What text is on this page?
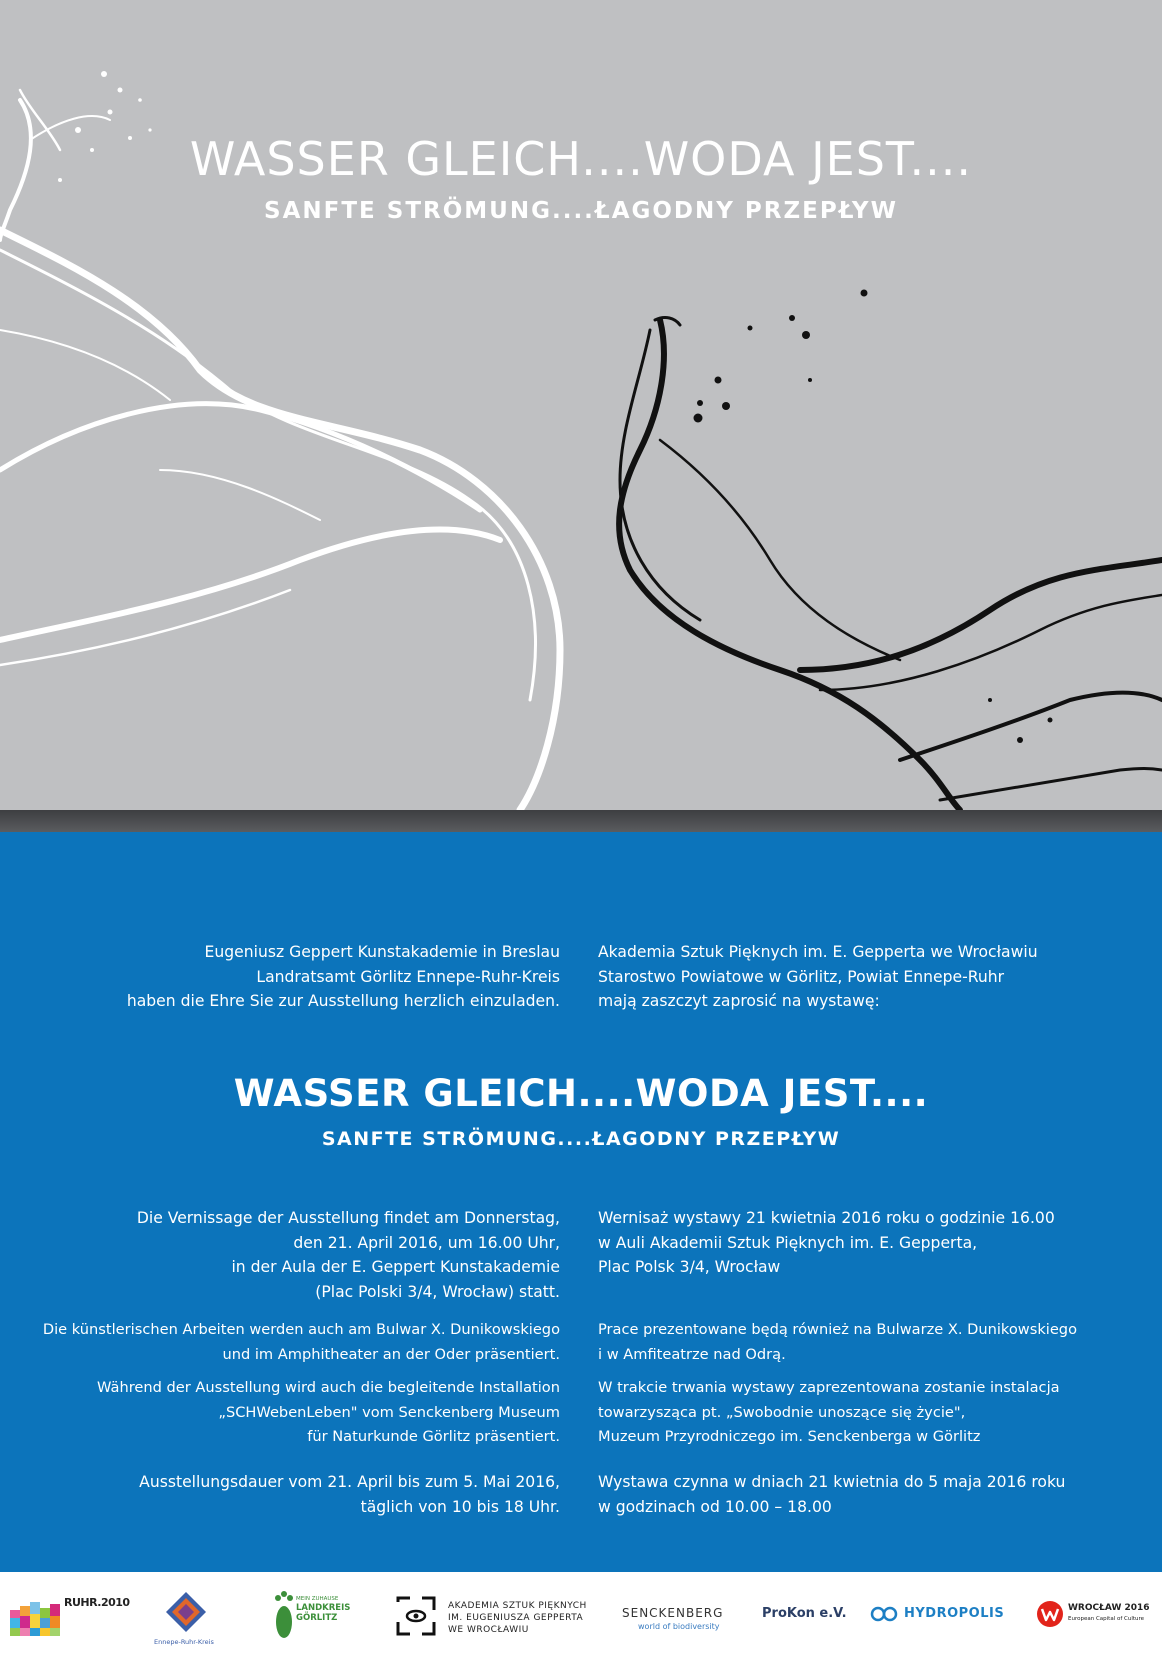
WASSER GLEICH....WODA JEST....
SANFTE STRÖMUNG....ŁAGODNY PRZEPŁYW
Eugeniusz Geppert Kunstakademie in Breslau
Landratsamt Görlitz Ennepe-Ruhr-Kreis
haben die Ehre Sie zur Ausstellung herzlich einzuladen.
Akademia Sztuk Pięknych im. E. Gepperta we Wrocławiu
Starostwo Powiatowe w Görlitz, Powiat Ennepe-Ruhr
mają zaszczyt zaprosić na wystawę:
WASSER GLEICH....WODA JEST....
SANFTE STRÖMUNG....ŁAGODNY PRZEPŁYW
Die Vernissage der Ausstellung findet am Donnerstag,
den 21. April 2016, um 16.00 Uhr,
in der Aula der E. Geppert Kunstakademie
(Plac Polski 3/4, Wrocław) statt.
Wernisaż wystawy 21 kwietnia 2016 roku o godzinie 16.00
w Auli Akademii Sztuk Pięknych im. E. Gepperta,
Plac Polsk 3/4, Wrocław
Die künstlerischen Arbeiten werden auch am Bulwar X. Dunikowskiego
und im Amphitheater an der Oder präsentiert.
Prace prezentowane będą również na Bulwarze X. Dunikowskiego
i w Amfiteatrze nad Odrą.
Während der Ausstellung wird auch die begleitende Installation
„SCHWebenLeben" vom Senckenberg Museum
für Naturkunde Görlitz präsentiert.
W trakcie trwania wystawy zaprezentowana zostanie instalacja
towarzysząca pt. „Swobodnie unoszące się życie",
Muzeum Przyrodniczego im. Senckenberga w Görlitz
Ausstellungsdauer vom 21. April bis zum 5. Mai 2016,
täglich von 10 bis 18 Uhr.
Wystawa czynna w dniach 21 kwietnia do 5 maja 2016 roku
w godzinach od 10.00 – 18.00
RUHR.2010
Ennepe-Ruhr-Kreis
MEIN ZUHAUSE
LANDKREIS GÖRLITZ
AKADEMIA SZTUK PIĘKNYCH
IM. EUGENIUSZA GEPPERTA
WE WROCŁAWIU
SENCKENBERG
world of biodiversity
ProKon e.V.	HYDROPOLIS	WROCŁAW 2016
European Capital of Culture
